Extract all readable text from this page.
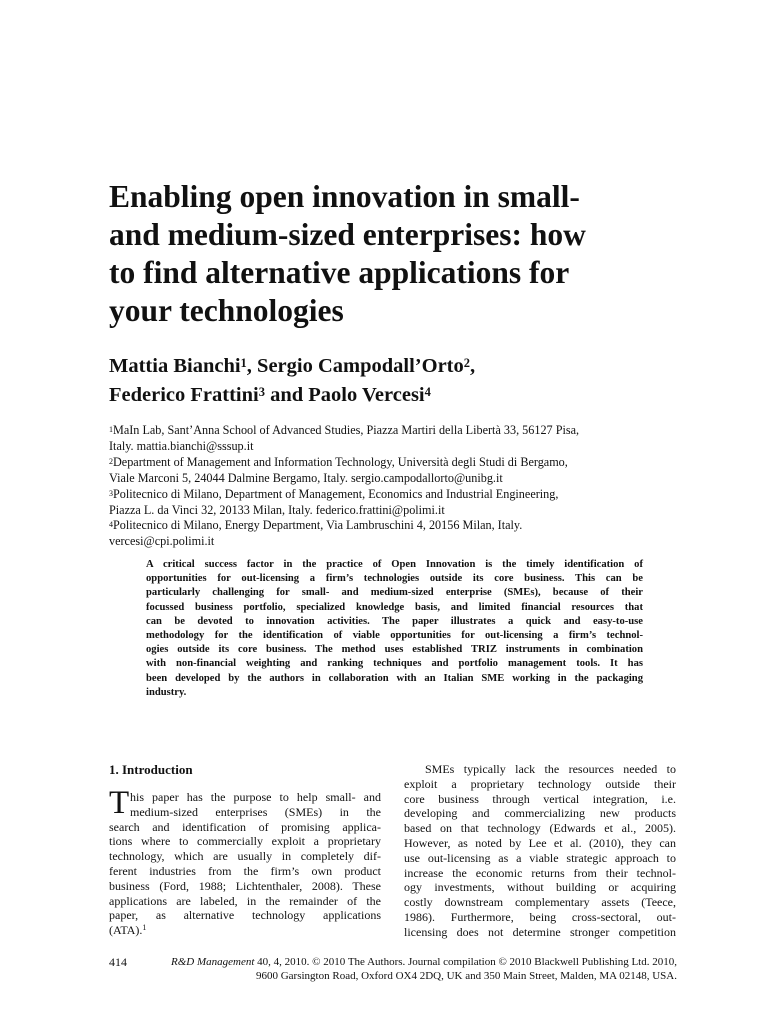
Enabling open innovation in small-
and medium-sized enterprises: how
to find alternative applications for
your technologies
Mattia Bianchi$^1$, Sergio Campodall’Orto$^2$,
Federico Frattini$^3$ and Paolo Vercesi$^4$
$^1$MaIn Lab, Sant’Anna School of Advanced Studies, Piazza Martiri della Libertà 33, 56127 Pisa,
Italy. mattia.bianchi@sssup.it
$^2$Department of Management and Information Technology, Università degli Studi di Bergamo,
Viale Marconi 5, 24044 Dalmine Bergamo, Italy. sergio.campodallorto@unibg.it
$^3$Politecnico di Milano, Department of Management, Economics and Industrial Engineering,
Piazza L. da Vinci 32, 20133 Milan, Italy. federico.frattini@polimi.it
$^4$Politecnico di Milano, Energy Department, Via Lambruschini 4, 20156 Milan, Italy.
vercesi@cpi.polimi.it
A critical success factor in the practice of Open Innovation is the timely identification of
opportunities for out-licensing a firm’s technologies outside its core business. This can be
particularly challenging for small- and medium-sized enterprise (SMEs), because of their
focussed business portfolio, specialized knowledge basis, and limited financial resources that
can be devoted to innovation activities. The paper illustrates a quick and easy-to-use
methodology for the identification of viable opportunities for out-licensing a firm’s technol-
ogies outside its core business. The method uses established TRIZ instruments in combination
with non-financial weighting and ranking techniques and portfolio management tools. It has
been developed by the authors in collaboration with an Italian SME working in the packaging
industry.
1. Introduction
T his paper has the purpose to help small- and
medium-sized enterprises (SMEs) in the
search and identification of promising applica-
tions where to commercially exploit a proprietary
technology, which are usually in completely dif-
ferent industries from the firm’s own product
business (Ford, 1988; Lichtenthaler, 2008). These
applications are labeled, in the remainder of the
paper, as alternative technology applications
(ATA).$^1$
SMEs typically lack the resources needed to
exploit a proprietary technology outside their
core business through vertical integration, i.e.
developing and commercializing new products
based on that technology (Edwards et al., 2005).
However, as noted by Lee et al. (2010), they can
use out-licensing as a viable strategic approach to
increase the economic returns from their technol-
ogy investments, without building or acquiring
costly downstream complementary assets (Teece,
1986). Furthermore, being cross-sectoral, out-
licensing does not determine stronger competition
414	R&D Management 40, 4, 2010. © 2010 The Authors. Journal compilation © 2010 Blackwell Publishing Ltd. 2010,
9600 Garsington Road, Oxford OX4 2DQ, UK and 350 Main Street, Malden, MA 02148, USA.
